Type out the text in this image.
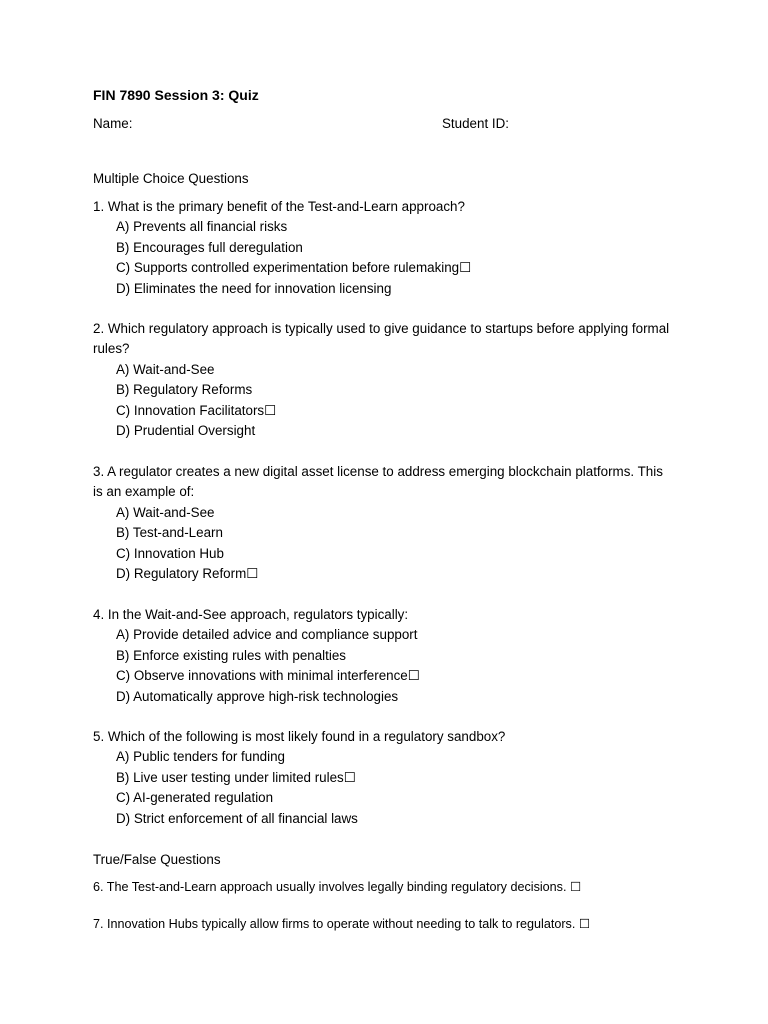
FIN 7890 Session 3: Quiz
Name:	Student ID:
Multiple Choice Questions
1. What is the primary benefit of the Test-and-Learn approach?
A) Prevents all financial risks
B) Encourages full deregulation
C) Supports controlled experimentation before rulemaking☐
D) Eliminates the need for innovation licensing
2. Which regulatory approach is typically used to give guidance to startups before applying formal rules?
A) Wait-and-See
B) Regulatory Reforms
C) Innovation Facilitators☐
D) Prudential Oversight
3. A regulator creates a new digital asset license to address emerging blockchain platforms. This is an example of:
A) Wait-and-See
B) Test-and-Learn
C) Innovation Hub
D) Regulatory Reform☐
4. In the Wait-and-See approach, regulators typically:
A) Provide detailed advice and compliance support
B) Enforce existing rules with penalties
C) Observe innovations with minimal interference☐
D) Automatically approve high-risk technologies
5. Which of the following is most likely found in a regulatory sandbox?
A) Public tenders for funding
B) Live user testing under limited rules☐
C) AI-generated regulation
D) Strict enforcement of all financial laws
True/False Questions
6. The Test-and-Learn approach usually involves legally binding regulatory decisions. ☐
7. Innovation Hubs typically allow firms to operate without needing to talk to regulators. ☐
